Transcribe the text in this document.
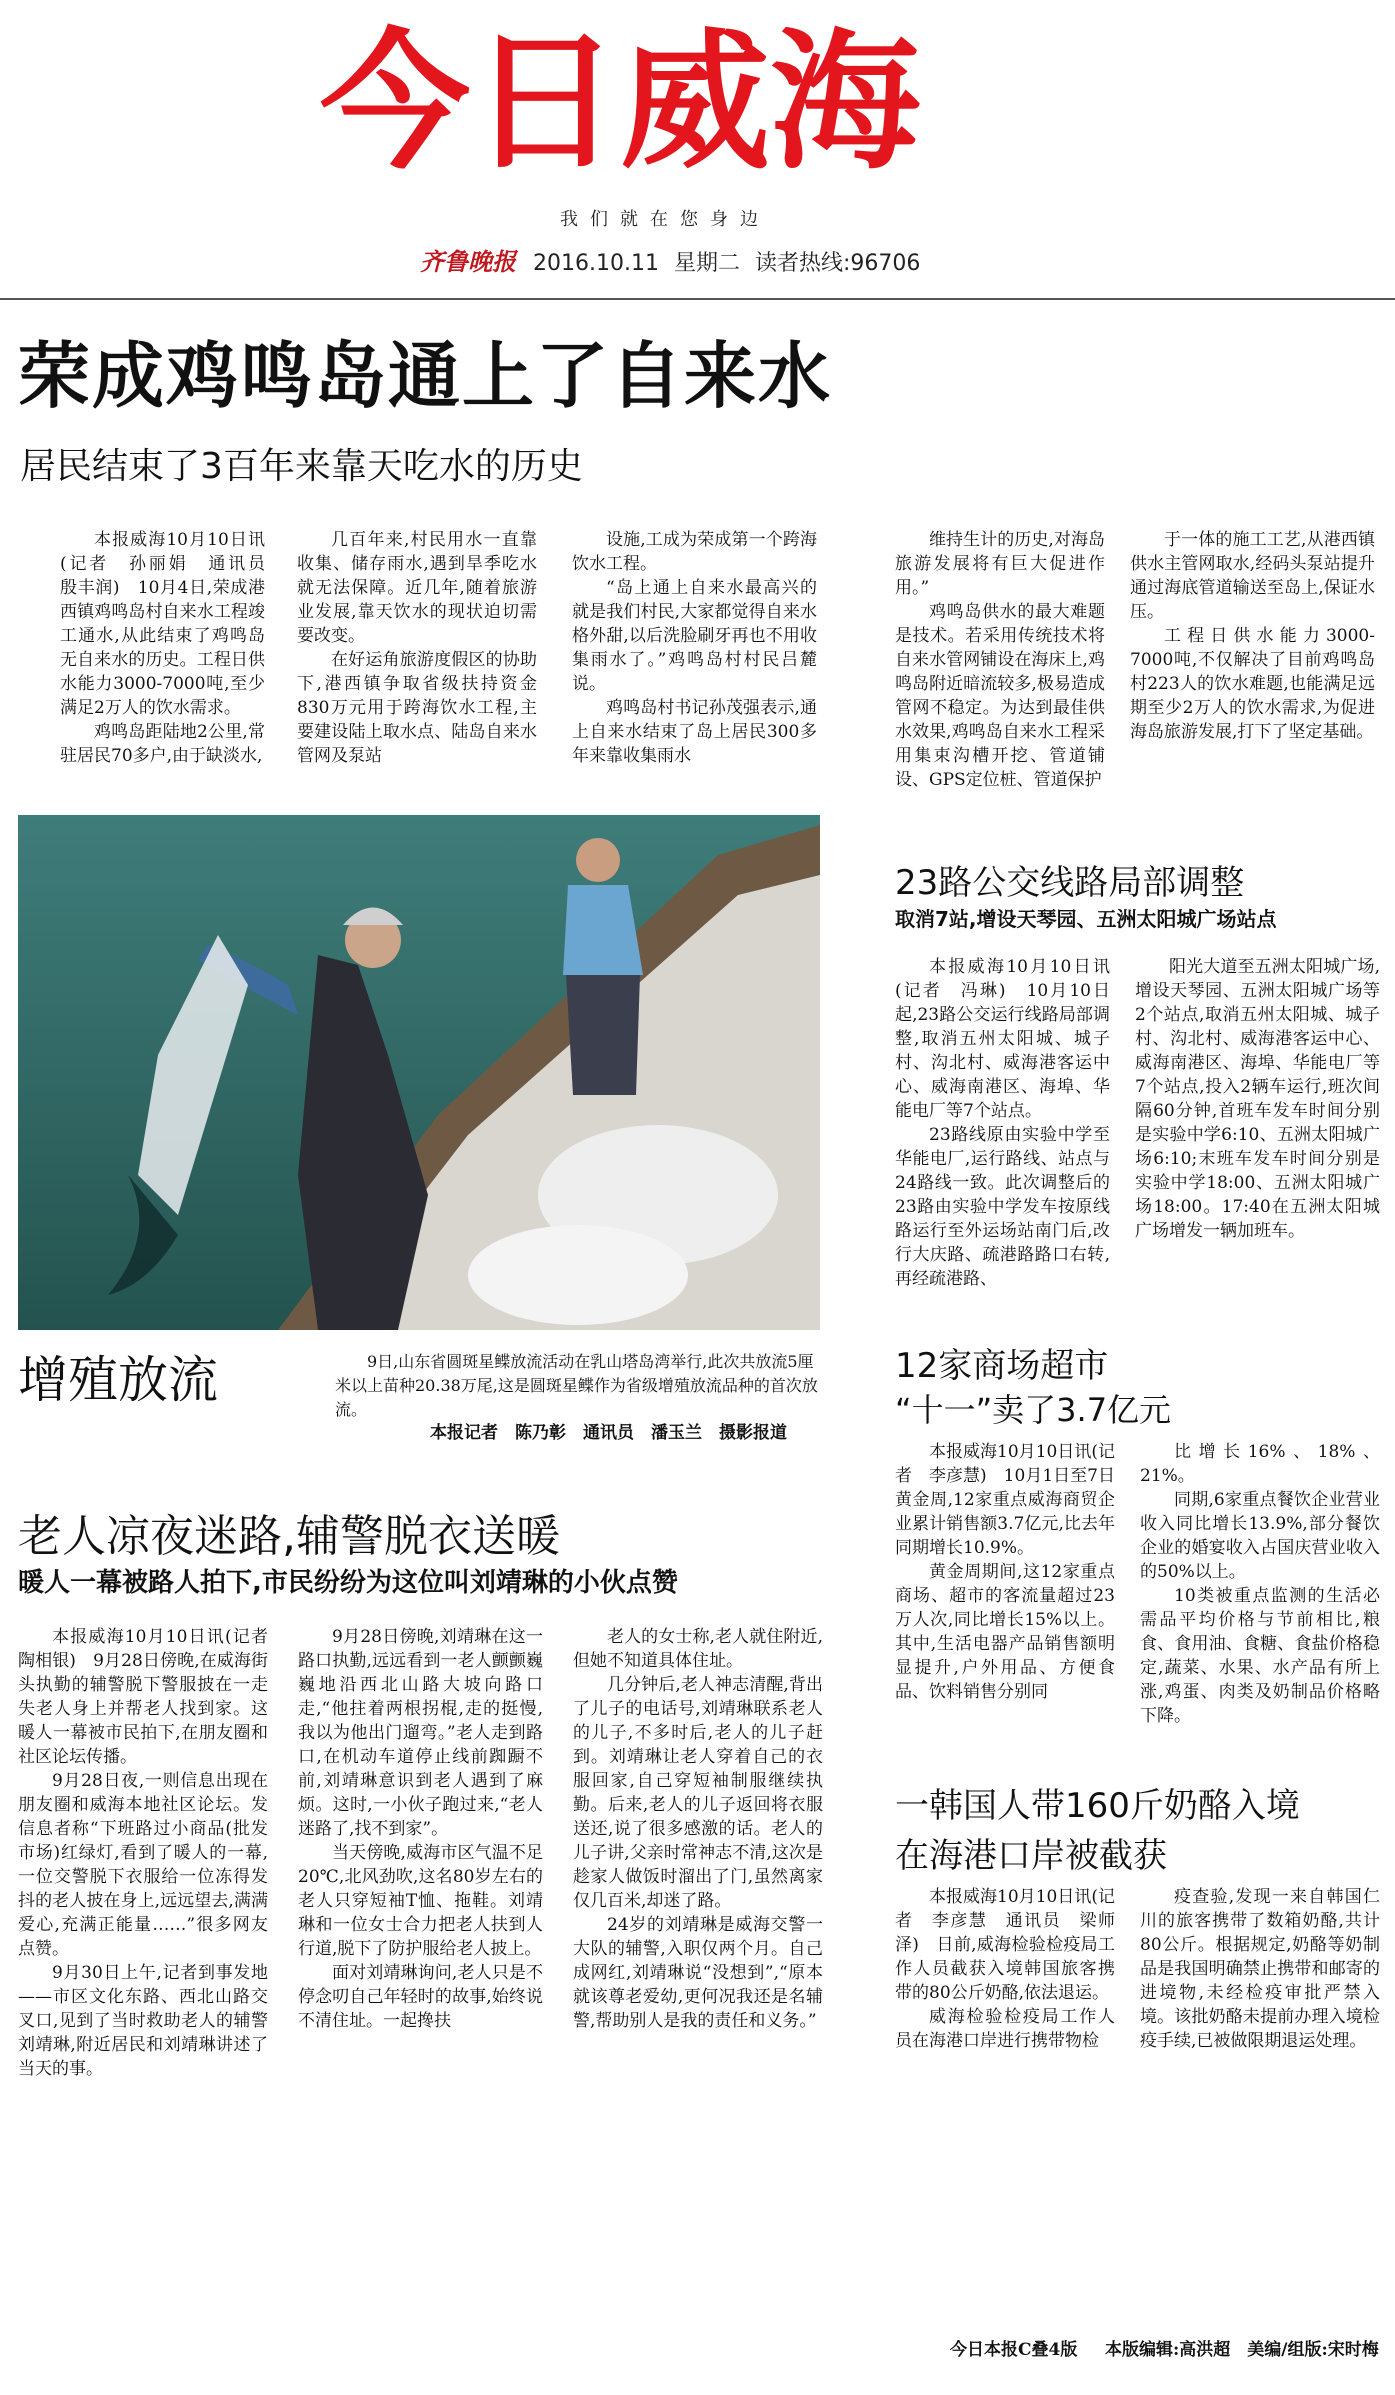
今日威海
我们就在您身边
齐鲁晚报 2016.10.11 星期二 读者热线:96706
荣成鸡鸣岛通上了自来水
居民结束了3百年来靠天吃水的历史

本报威海10月10日讯(记者　孙丽娟　通讯员　殷丰润)　10月4日,荣成港西镇鸡鸣岛村自来水工程竣工通水,从此结束了鸡鸣岛无自来水的历史。工程日供水能力3000-7000吨,至少满足2万人的饮水需求。

鸡鸣岛距陆地2公里,常驻居民70多户,由于缺淡水,

几百年来,村民用水一直靠收集、储存雨水,遇到旱季吃水就无法保障。近几年,随着旅游业发展,靠天饮水的现状迫切需要改变。

在好运角旅游度假区的协助下,港西镇争取省级扶持资金830万元用于跨海饮水工程,主要建设陆上取水点、陆岛自来水管网及泵站

设施,工成为荣成第一个跨海饮水工程。

“岛上通上自来水最高兴的就是我们村民,大家都觉得自来水格外甜,以后洗脸刷牙再也不用收集雨水了。”鸡鸣岛村村民吕麓说。

鸡鸣岛村书记孙茂强表示,通上自来水结束了岛上居民300多年来靠收集雨水

维持生计的历史,对海岛旅游发展将有巨大促进作用。”

鸡鸣岛供水的最大难题是技术。若采用传统技术将自来水管网铺设在海床上,鸡鸣岛附近暗流较多,极易造成管网不稳定。为达到最佳供水效果,鸡鸣岛自来水工程采用集束沟槽开挖、管道铺设、GPS定位桩、管道保护

于一体的施工工艺,从港西镇供水主管网取水,经码头泵站提升通过海底管道输送至岛上,保证水压。

工程日供水能力3000-7000吨,不仅解决了目前鸡鸣岛村223人的饮水难题,也能满足远期至少2万人的饮水需求,为促进海岛旅游发展,打下了坚定基础。

增殖放流	9日,山东省圆斑星鲽放流活动在乳山塔岛湾举行,此次共放流5厘米以上苗种20.38万尾,这是圆斑星鲽作为省级增殖放流品种的首次放流。
本报记者　陈乃彰　通讯员　潘玉兰　摄影报道
老人凉夜迷路,辅警脱衣送暖
暖人一幕被路人拍下,市民纷纷为这位叫刘靖琳的小伙点赞

本报威海10月10日讯(记者　陶相银)　9月28日傍晚,在威海街头执勤的辅警脱下警服披在一走失老人身上并帮老人找到家。这暖人一幕被市民拍下,在朋友圈和社区论坛传播。

9月28日夜,一则信息出现在朋友圈和威海本地社区论坛。发信息者称“下班路过小商品(批发市场)红绿灯,看到了暖人的一幕,一位交警脱下衣服给一位冻得发抖的老人披在身上,远远望去,满满爱心,充满正能量……”很多网友点赞。

9月30日上午,记者到事发地——市区文化东路、西北山路交叉口,见到了当时救助老人的辅警刘靖琳,附近居民和刘靖琳讲述了当天的事。

9月28日傍晚,刘靖琳在这一路口执勤,远远看到一老人颤颤巍巍地沿西北山路大坡向路口走,“他拄着两根拐棍,走的挺慢,我以为他出门遛弯。”老人走到路口,在机动车道停止线前踟蹰不前,刘靖琳意识到老人遇到了麻烦。这时,一小伙子跑过来,“老人迷路了,找不到家”。

当天傍晚,威海市区气温不足20℃,北风劲吹,这名80岁左右的老人只穿短袖T恤、拖鞋。刘靖琳和一位女士合力把老人扶到人行道,脱下了防护服给老人披上。

面对刘靖琳询问,老人只是不停念叨自己年轻时的故事,始终说不清住址。一起搀扶

老人的女士称,老人就住附近,但她不知道具体住址。

几分钟后,老人神志清醒,背出了儿子的电话号,刘靖琳联系老人的儿子,不多时后,老人的儿子赶到。刘靖琳让老人穿着自己的衣服回家,自己穿短袖制服继续执勤。后来,老人的儿子返回将衣服送还,说了很多感激的话。老人的儿子讲,父亲时常神志不清,这次是趁家人做饭时溜出了门,虽然离家仅几百米,却迷了路。

24岁的刘靖琳是威海交警一大队的辅警,入职仅两个月。自己成网红,刘靖琳说“没想到”,“原本就该尊老爱幼,更何况我还是名辅警,帮助别人是我的责任和义务。”

23路公交线路局部调整
取消7站,增设天琴园、五洲太阳城广场站点

本报威海10月10日讯(记者　冯琳)　10月10日起,23路公交运行线路局部调整,取消五州太阳城、城子村、沟北村、威海港客运中心、威海南港区、海埠、华能电厂等7个站点。

23路线原由实验中学至华能电厂,运行路线、站点与24路线一致。此次调整后的23路由实验中学发车按原线路运行至外运场站南门后,改行大庆路、疏港路路口右转,再经疏港路、

阳光大道至五洲太阳城广场,增设天琴园、五洲太阳城广场等2个站点,取消五州太阳城、城子村、沟北村、威海港客运中心、威海南港区、海埠、华能电厂等7个站点,投入2辆车运行,班次间隔60分钟,首班车发车时间分别是实验中学6:10、五洲太阳城广场6:10;末班车发车时间分别是实验中学18:00、五洲太阳城广场18:00。17:40在五洲太阳城广场增发一辆加班车。

12家商场超市
“十一”卖了3.7亿元

本报威海10月10日讯(记者　李彦慧)　10月1日至7日黄金周,12家重点威海商贸企业累计销售额3.7亿元,比去年同期增长10.9%。

黄金周期间,这12家重点商场、超市的客流量超过23万人次,同比增长15%以上。其中,生活电器产品销售额明显提升,户外用品、方便食品、饮料销售分别同

比增长16%、18%、21%。

同期,6家重点餐饮企业营业收入同比增长13.9%,部分餐饮企业的婚宴收入占国庆营业收入的50%以上。

10类被重点监测的生活必需品平均价格与节前相比,粮食、食用油、食糖、食盐价格稳定,蔬菜、水果、水产品有所上涨,鸡蛋、肉类及奶制品价格略下降。

一韩国人带160斤奶酪入境
在海港口岸被截获

本报威海10月10日讯(记者　李彦慧　通讯员　梁师泽)　日前,威海检验检疫局工作人员截获入境韩国旅客携带的80公斤奶酪,依法退运。

威海检验检疫局工作人员在海港口岸进行携带物检

疫查验,发现一来自韩国仁川的旅客携带了数箱奶酪,共计80公斤。根据规定,奶酪等奶制品是我国明确禁止携带和邮寄的进境物,未经检疫审批严禁入境。该批奶酪未提前办理入境检疫手续,已被做限期退运处理。

今日本报C叠4版 本版编辑:高洪超　美编/组版:宋时梅
